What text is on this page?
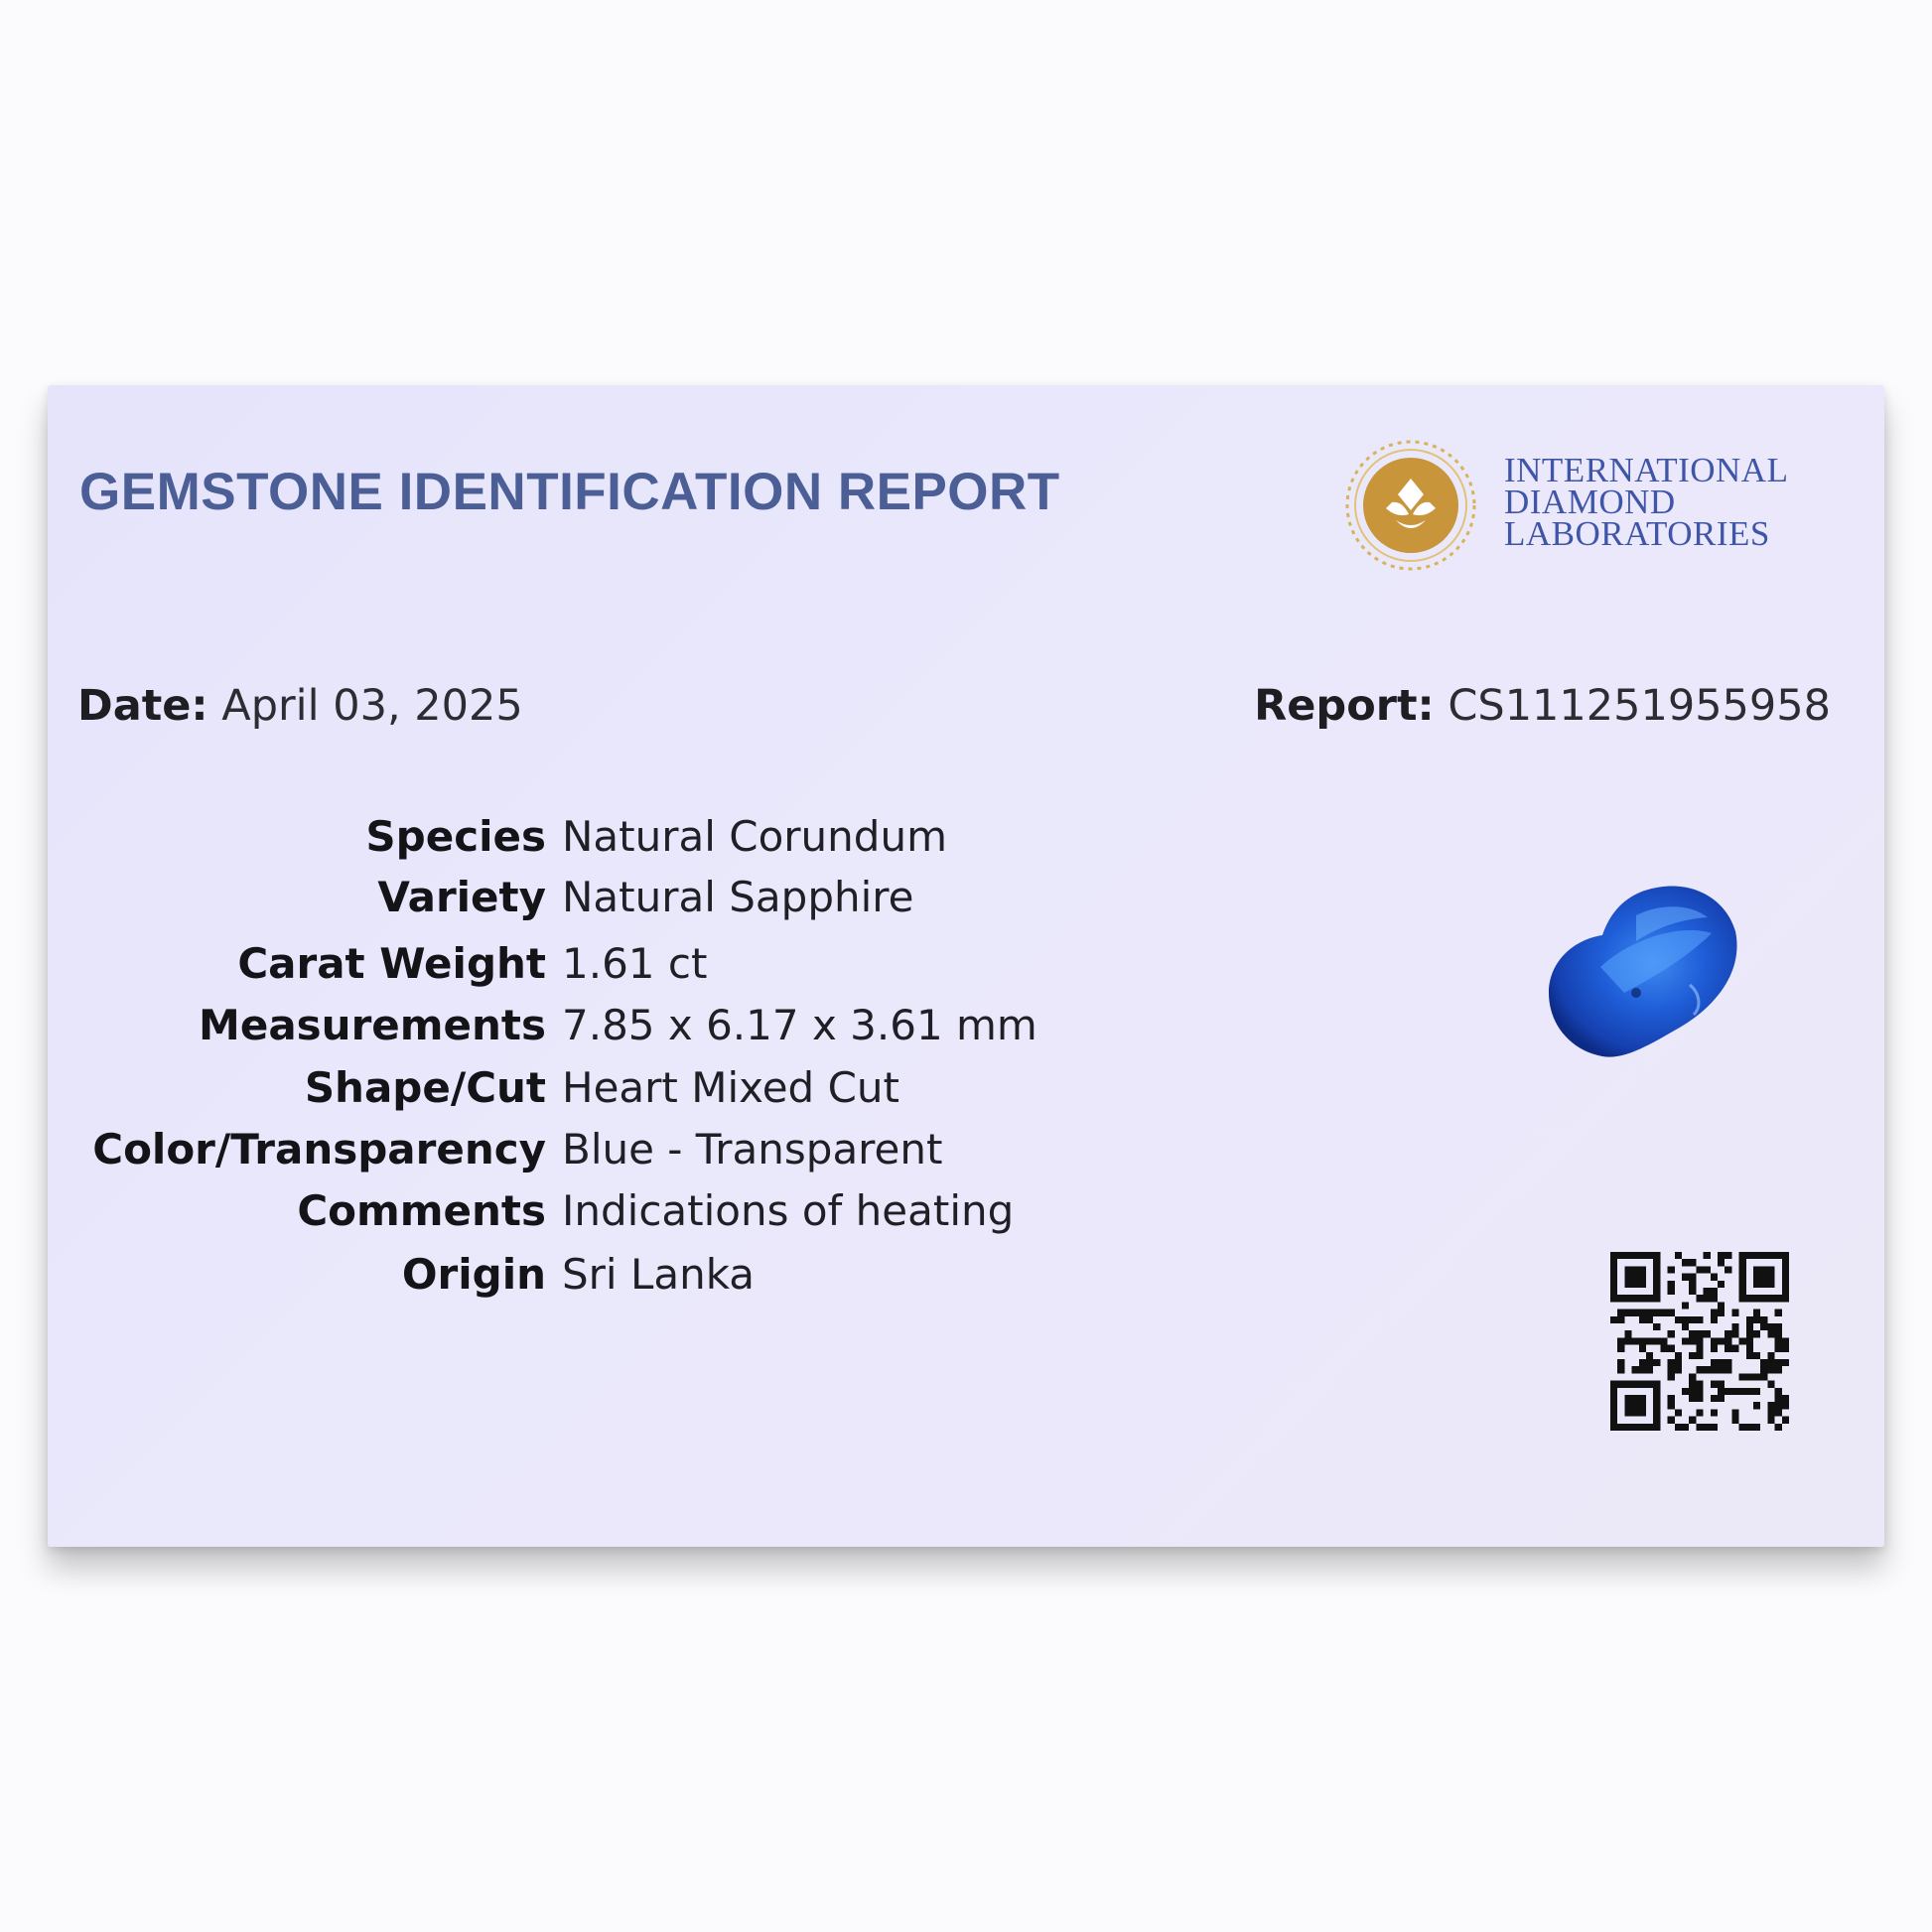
GEMSTONE IDENTIFICATION REPORT	INTERNATIONAL
DIAMOND
LABORATORIES
Date: April 03, 2025	Report: CS111251955958
Species Natural Corundum
Variety Natural Sapphire
Carat Weight 1.61 ct
Measurements 7.85 x 6.17 x 3.61 mm
Shape/Cut Heart Mixed Cut
Color/Transparency Blue - Transparent
Comments Indications of heating
Origin Sri Lanka
